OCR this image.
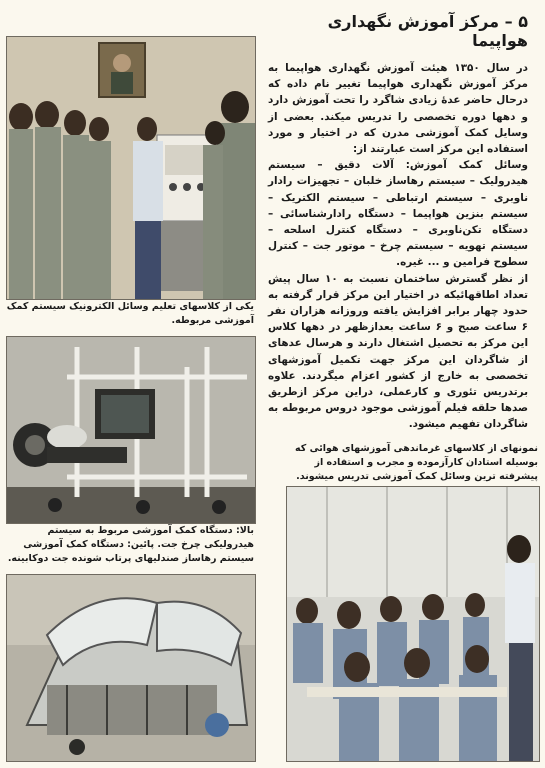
یکی از کلاسهای تعلیم وسائل الکترونیک سیستم کمک آموزشی مربوطه.
بالا: دستگاه کمک آموزشی مربوط به سیستم هیدرولیکی چرخ جت. پائین: دستگاه کمک آموزشی سیستم رهاساز صندلیهای پرتاب شونده جت دوکابینه.
نمونهای از کلاسهای غرماندهی آموزشهای هوائی که بوسیله استادان کارآزموده و مجرب و استفاده از پیشرفته ترین وسائل کمک آموزشی تدریس میشوند.
۵ – مرکز آموزش نگهداری هواپیما

در سال ۱۳۵۰ هیئت آموزش نگهداری هواپیما به مرکز آموزش نگهداری هواپیما تغییر نام داده که درحال حاضر عدهٔ زیادی شاگرد را تحت آموزش دارد و دهها دوره تخصصی را تدریس میکند. بعضی از وسایل کمک آموزشی مدرن که در اختیار و مورد استفاده این مرکز است عبارتند از:

وسائل کمک آموزش: آلات دقیق – سیستم هیدرولیک – سیستم رهاساز خلبان – تجهیزات رادار ناوبری – سیستم ارتباطی – سیستم الکتریک – سیستم بنزین هواپیما – دستگاه رادارشناسائی – دستگاه تکن‌ناوبری – دستگاه کنترل اسلحه – سیستم تهویه – سیستم چرخ – موتور جت – کنترل سطوح فرامین و ... غیره.

از نظر گسترش ساختمان نسبت به ۱۰ سال پیش تعداد اطاقهائیکه در اختیار این مرکز قرار گرفته به حدود چهار برابر افزایش یافته وروزانه هزاران نفر ۶ ساعت صبح و ۶ ساعت بعدازظهر در دهها کلاس این مرکز به تحصیل اشتغال دارند و هرسال عدهای از شاگردان این مرکز جهت تکمیل آموزشهای تخصصی به خارج از کشور اعزام میگردند. علاوه برتدریس تئوری و کارعملی، دراین مرکز ازطریق صدها حلقه فیلم آموزشی موجود دروس مربوطه به شاگردان تفهیم میشود.
